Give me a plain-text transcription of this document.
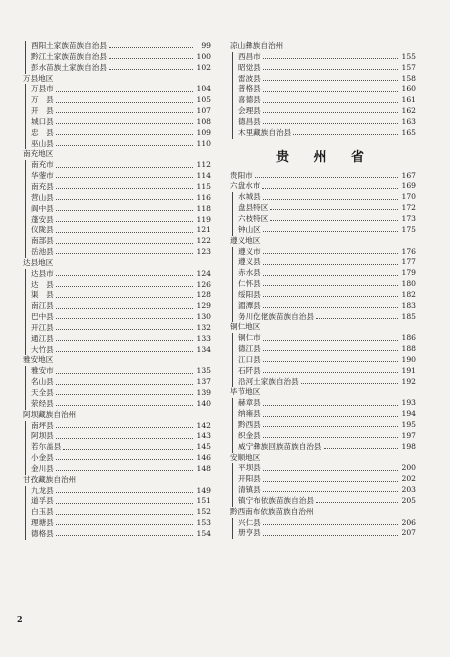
酉阳土家族苗族自治县	99
黔江土家族苗族自治县	100
彭水苗族土家族自治县	102
万县地区
万县市	104
万　县	105
开　县	107
城口县	108
忠　县	109
巫山县	110
南充地区
南充市	112
华蓥市	114
南充县	115
营山县	116
阆中县	118
蓬安县	119
仪陇县	121
南部县	122
岳池县	123
达县地区
达县市	124
达　县	126
渠　县	128
南江县	129
巴中县	130
开江县	132
通江县	133
大竹县	134
雅安地区
雅安市	135
名山县	137
天全县	139
荥经县	140
阿坝藏族自治州
南坪县	142
阿坝县	143
若尔盖县	145
小金县	146
金川县	148
甘孜藏族自治州
九龙县	149
道孚县	151
白玉县	152
理塘县	153
德格县	154
凉山彝族自治州
西昌市	155
昭觉县	157
雷波县	158
普格县	160
喜德县	161
会理县	162
德昌县	163
木里藏族自治县	165
贵 州 省
贵阳市	167
六盘水市	169
水城县	170
盘县特区	172
六枝特区	173
钟山区	175
遵义地区
遵义市	176
遵义县	177
赤水县	179
仁怀县	180
绥阳县	182
湄潭县	183
务川仡佬族苗族自治县	185
铜仁地区
铜仁市	186
德江县	188
江口县	190
石阡县	191
沿河土家族自治县	192
毕节地区
赫章县	193
纳雍县	194
黔西县	195
织金县	197
威宁彝族回族苗族自治县	198
安顺地区
平坝县	200
开阳县	202
清镇县	203
镇宁布依族苗族自治县	205
黔西南布依族苗族自治州
兴仁县	206
册亨县	207
2
